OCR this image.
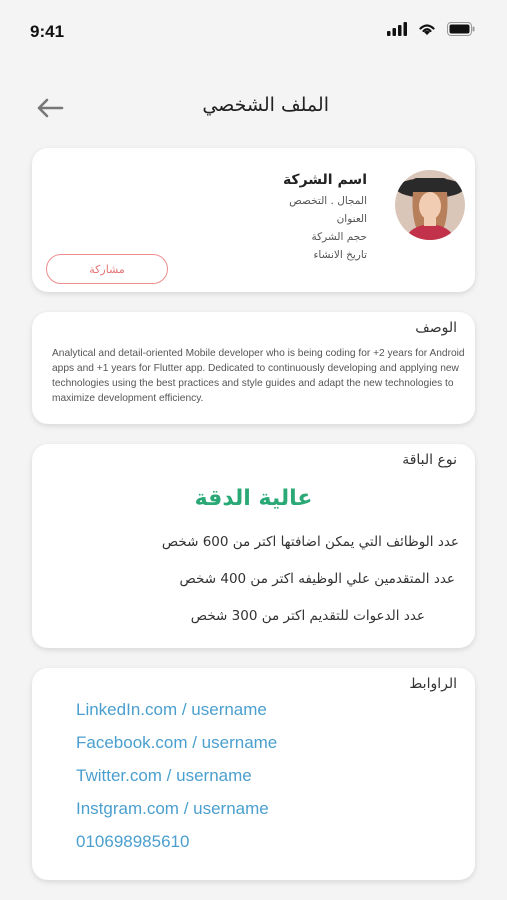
9:41
الملف الشخصي
اسم الشركة
المجال . التخصص
العنوان
حجم الشركة
تاريخ الانشاء
مشاركة
الوصف

Analytical and detail-oriented Mobile developer who is being coding for +2 years for Android apps and +1 years for Flutter app. Dedicated to continuously developing and applying new technologies using the best practices and style guides and adapt the new technologies to maximize development efficiency.

نوع الباقة
عالية الدقة
عدد الوظائف التي يمكن اضافتها اكتر من 600 شخص
عدد المتقدمين علي الوظيفه اكتر من 400 شخص
عدد الدعوات للتقديم اكتر من 300 شخص
الراوابط
LinkedIn.com / username
Facebook.com / username
Twitter.com / username
Instgram.com / username
010698985610
